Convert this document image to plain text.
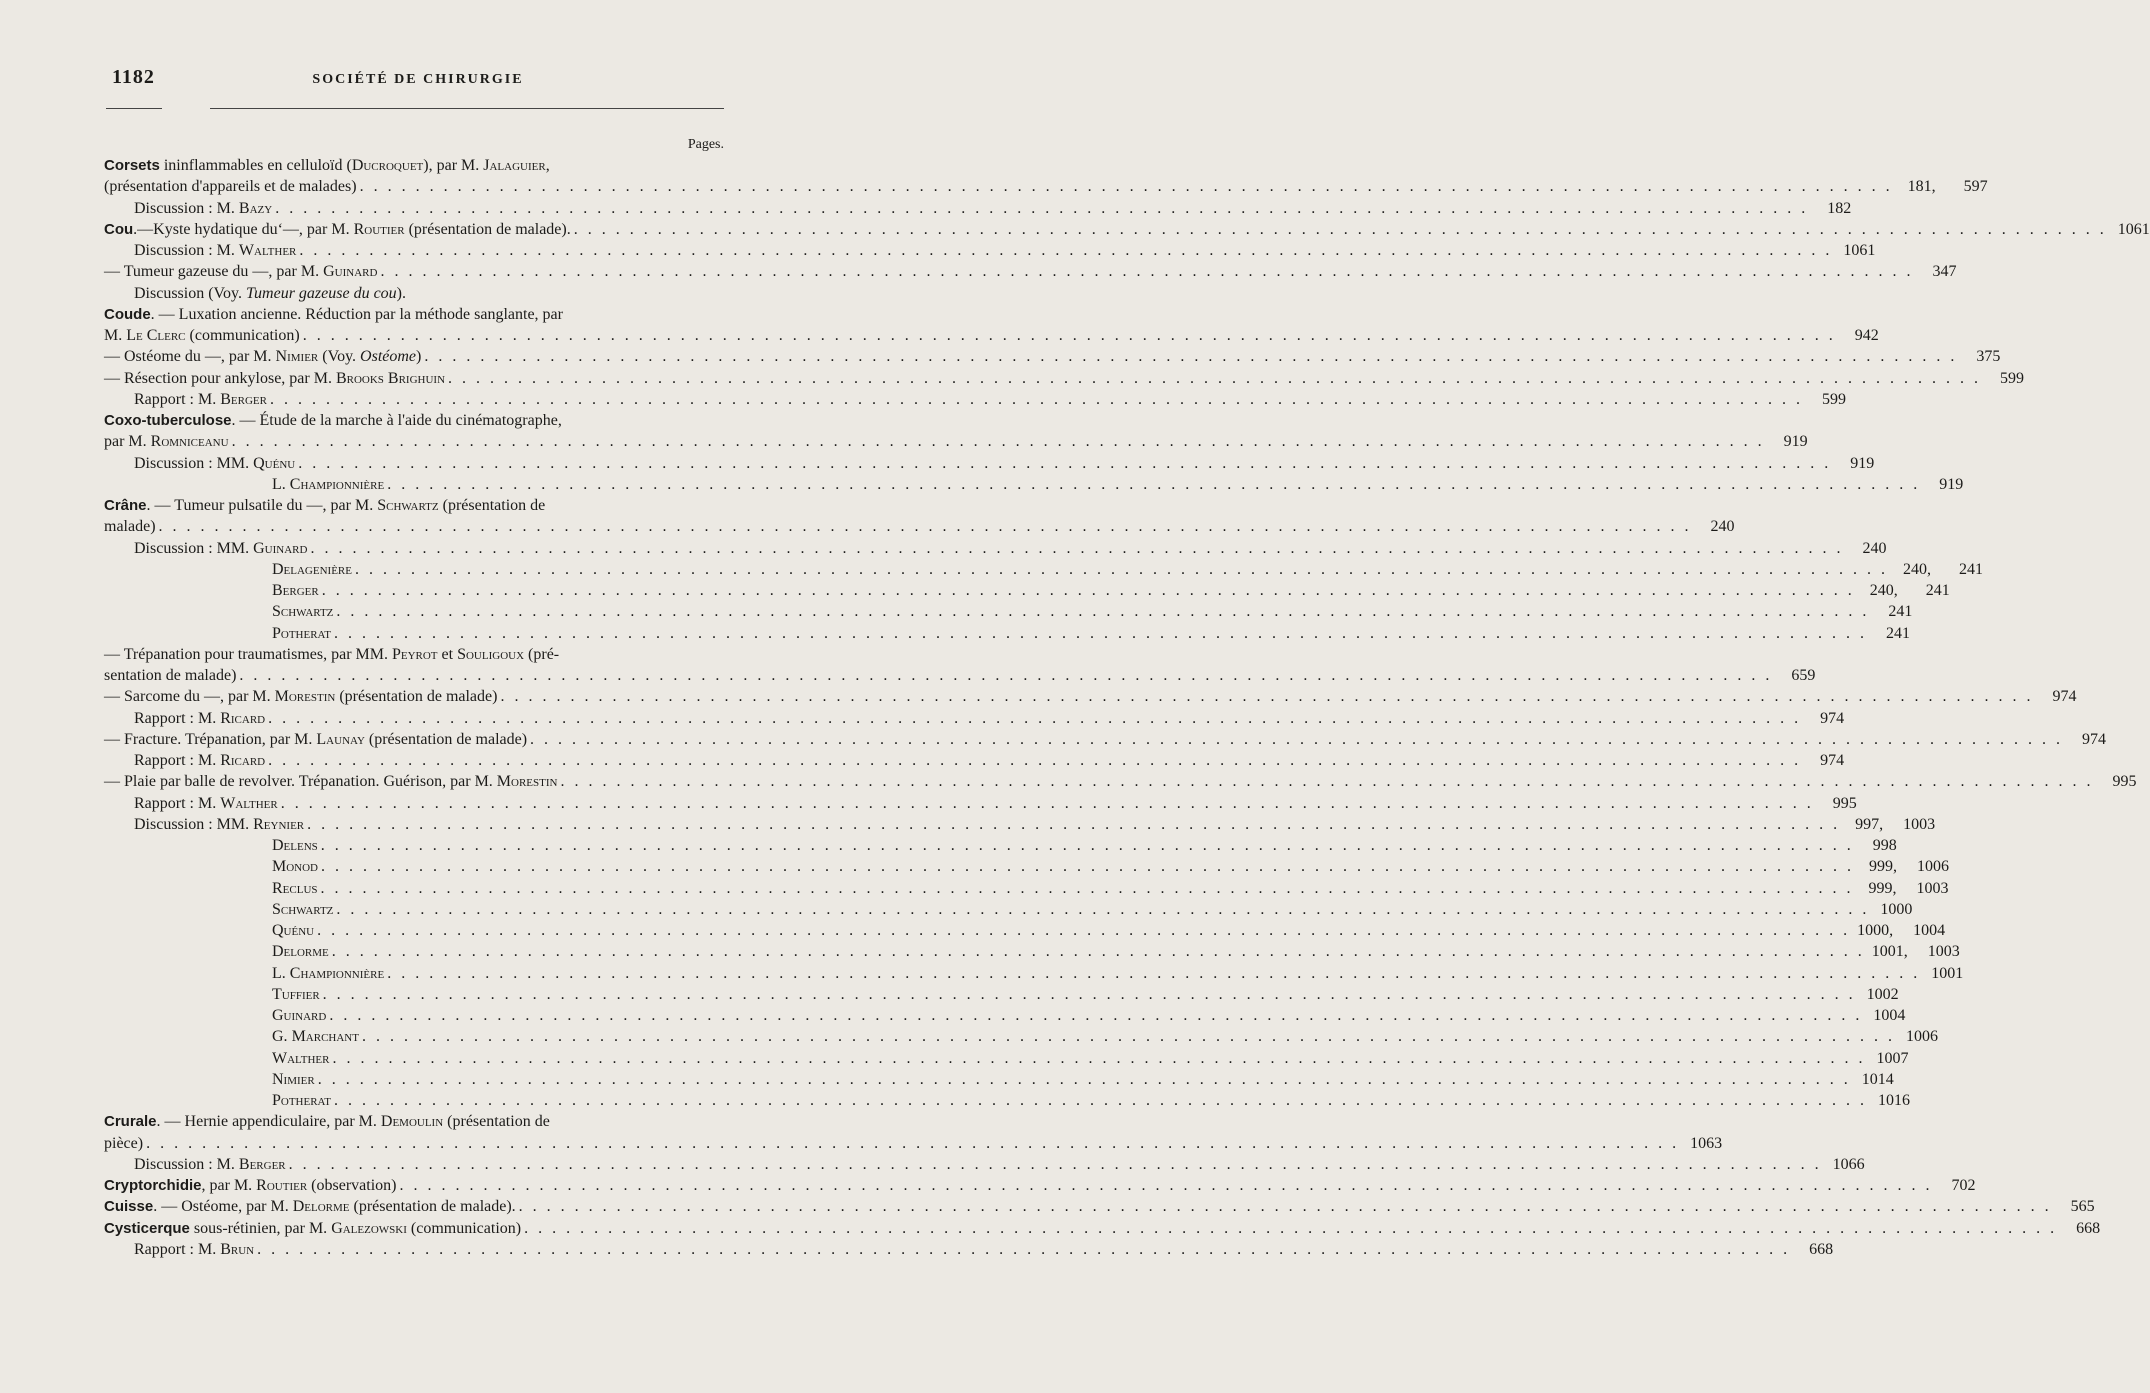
1182	SOCIÉTÉ DE CHIRURGIE
Pages.
Corsets ininflammables en celluloïd (Ducroquet), par M. Jalaguier,
(présentation d'appareils et de malades) . . .	181, 597
Discussion : M. Bazy . . .	182
Cou.—Kyste hydatique du‘—, par M. Routier (présentation de malade). . . .	1061
Discussion : M. Walther . . .	1061
— Tumeur gazeuse du —, par M. Guinard . . .	347
Discussion (Voy. Tumeur gazeuse du cou).
Coude. — Luxation ancienne. Réduction par la méthode sanglante, par
M. Le Clerc (communication) . . .	942
— Ostéome du —, par M. Nimier (Voy. Ostéome) . . .	375
— Résection pour ankylose, par M. Brooks Brighuin . . .	599
Rapport : M. Berger . . .	599
Coxo-tuberculose. — Étude de la marche à l'aide du cinématographe,
par M. Romniceanu . . .	919
Discussion : MM. Quénu . . .	919
L. Championnière . . .	919
Crâne. — Tumeur pulsatile du —, par M. Schwartz (présentation de
malade) . . .	240
Discussion : MM. Guinard . . .	240
Delagenière . . .	240, 241
Berger . . .	240, 241
Schwartz . . .	241
Potherat . . .	241
— Trépanation pour traumatismes, par MM. Peyrot et Souligoux (pré-
sentation de malade) . . .	659
— Sarcome du —, par M. Morestin (présentation de malade) . . .	974
Rapport : M. Ricard . . .	974
— Fracture. Trépanation, par M. Launay (présentation de malade) . . .	974
Rapport : M. Ricard . . .	974
— Plaie par balle de revolver. Trépanation. Guérison, par M. Morestin . . .	995
Rapport : M. Walther . . .	995
Discussion : MM. Reynier . . .	997, 1003
Delens . . .	998
Monod . . .	999, 1006
Reclus . . .	999, 1003
Schwartz . . .	1000
Quénu . . .	1000, 1004
Delorme . . .	1001, 1003
L. Championnière . . .	1001
Tuffier . . .	1002
Guinard . . .	1004
G. Marchant . . .	1006
Walther . . .	1007
Nimier . . .	1014
Potherat . . .	1016
Crurale. — Hernie appendiculaire, par M. Demoulin (présentation de
pièce) . . .	1063
Discussion : M. Berger . . .	1066
Cryptorchidie, par M. Routier (observation) . . .	702
Cuisse. — Ostéome, par M. Delorme (présentation de malade). . . .	565
Cysticerque sous-rétinien, par M. Galezowski (communication) . . .	668
Rapport : M. Brun . . .	668
